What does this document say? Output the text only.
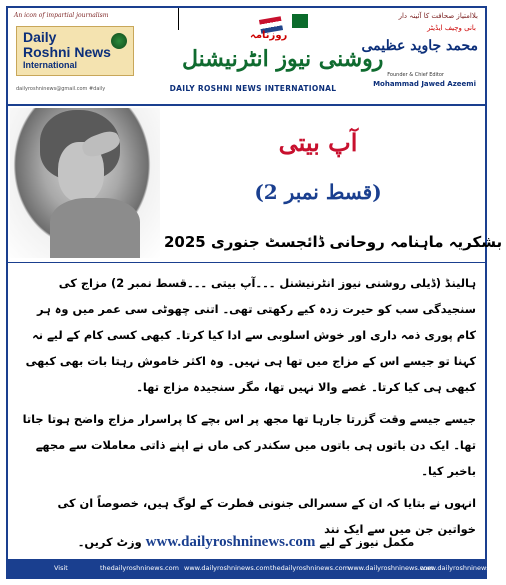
An icon of impartial journalism
Daily
Roshni News
International
dailyroshninews@gmail.com #daily
روزنامہ
روشنی نیوز انٹرنیشنل
DAILY ROSHNI NEWS INTERNATIONAL
بلاامتیاز صحافت کا آئینہ دار
بانی وچیف ایڈیٹر
محمد جاوید عظیمی
Founder & Chief Editor
Mohammad Jawed Azeemi
آپ بیتی
(قسط نمبر 2)
بشکریہ ماہنامہ روحانی ڈائجسٹ جنوری 2025

ہالینڈ (ڈیلی روشنی نیوز انٹرنیشنل ۔۔۔آپ بیتی ۔۔۔قسط نمبر 2) مزاج کی سنجیدگی سب کو حیرت زدہ کیے رکھتی تھی۔ اتنی چھوٹی سی عمر میں وہ ہر کام پوری ذمہ داری اور خوش اسلوبی سے ادا کیا کرتا۔ کبھی کسی کام کے لیے نہ کہنا تو جیسے اس کے مزاج میں تھا ہی نہیں۔ وہ اکثر خاموش رہتا بات بھی کبھی کبھی ہی کیا کرتا۔ غصے والا نہیں تھا، مگر سنجیدہ مزاج تھا۔

جیسے جیسے وقت گزرتا جارہا تھا مجھ پر اس بچے کا پراسرار مزاج واضح ہوتا جاتا تھا۔ ایک دن باتوں ہی باتوں میں سکندر کی ماں نے اپنے ذاتی معاملات سے مجھے باخبر کیا۔

انہوں نے بتایا کہ ان کے سسرالی جنونی فطرت کے لوگ ہیں، خصوصاً ان کی خواتین جن میں سے ایک نند

مکمل نیوز کے لیے www.dailyroshninews.com وزٹ کریں۔
Visit	thedailyroshninews.com www.dailyroshninews.com thedailyroshninews.com www.dailyroshninews.com
www.dailyroshninews.com
